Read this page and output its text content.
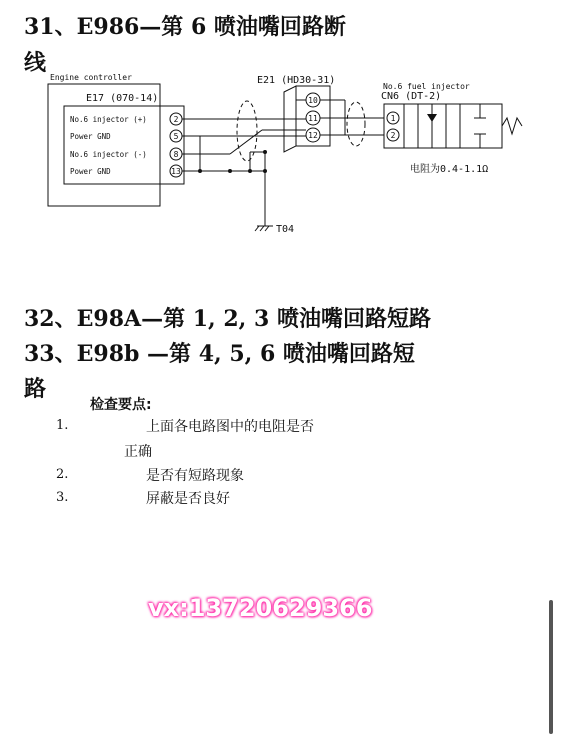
31、E986—第 6 喷油嘴回路断
线
Engine controller
E17 (070-14)
No.6 injector (+)
Power GND
No.6 injector (-)
Power GND
2
5
8
13
T04
E21 (HD30-31)
10
11
12
No.6 fuel injector
CN6 (DT-2)
1
2
电阻为0.4-1.1Ω
32、E98A—第 1, 2, 3 喷油嘴回路短路
33、E98b —第 4, 5, 6 喷油嘴回路短
路
检查要点:
1.	上面各电路图中的电阻是否
正确
2.	是否有短路现象
3.	屏蔽是否良好
vx:13720629366
